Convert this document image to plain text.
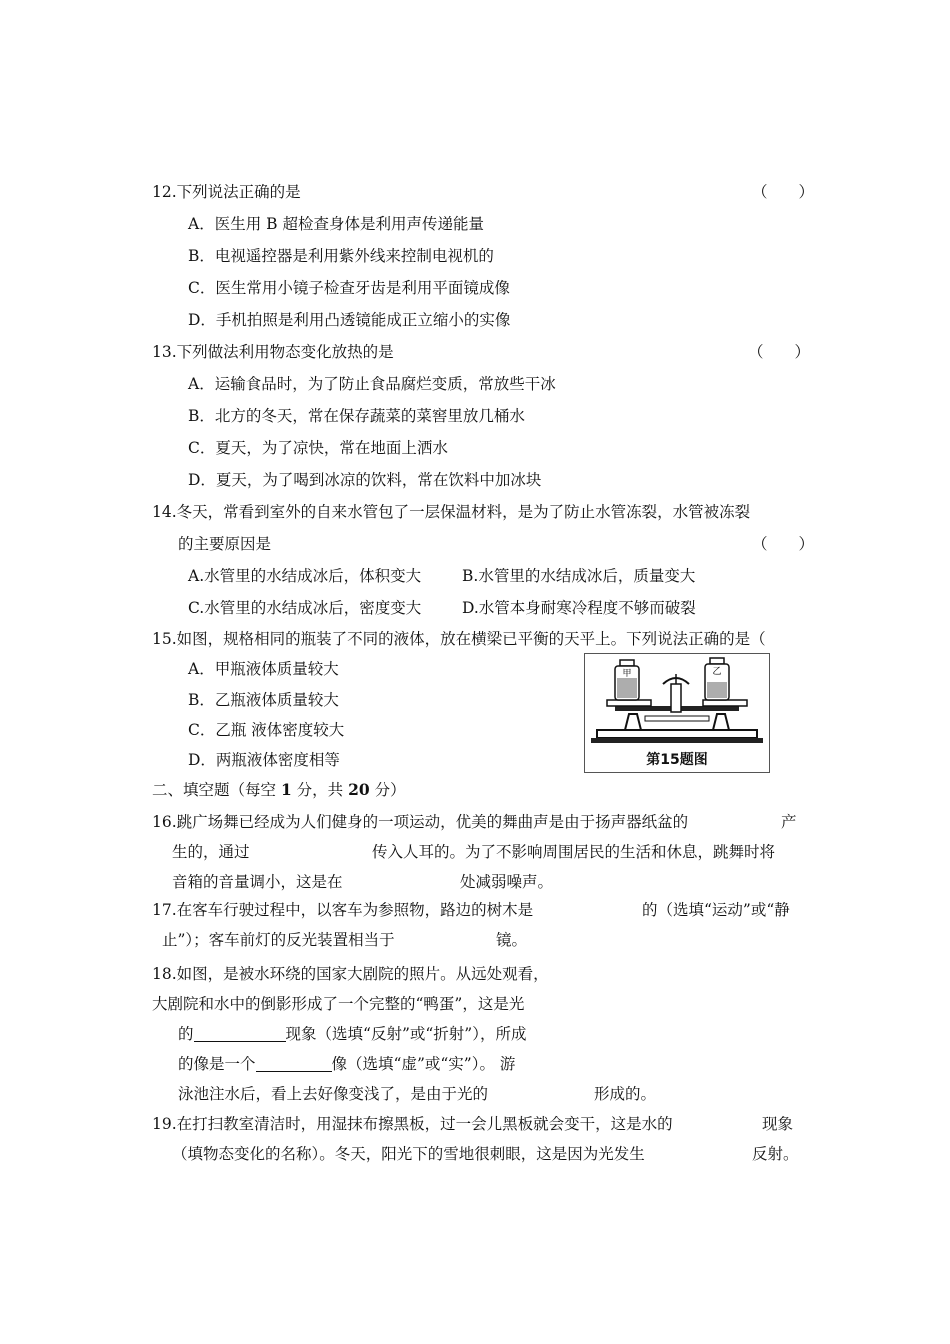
12.下列说法正确的是	（　　）
A．医生用 B 超检查身体是利用声传递能量
B．电视遥控器是利用紫外线来控制电视机的
C．医生常用小镜子检查牙齿是利用平面镜成像
D．手机拍照是利用凸透镜能成正立缩小的实像
13.下列做法利用物态变化放热的是	（　　）
A．运输食品时，为了防止食品腐烂变质，常放些干冰
B．北方的冬天，常在保存蔬菜的菜窖里放几桶水
C．夏天，为了凉快，常在地面上洒水
D．夏天，为了喝到冰凉的饮料，常在饮料中加冰块
14.冬天，常看到室外的自来水管包了一层保温材料，是为了防止水管冻裂，水管被冻裂
的主要原因是	（　　）
A.水管里的水结成冰后，体积变大	B.水管里的水结成冰后，质量变大
C.水管里的水结成冰后，密度变大	D.水管本身耐寒冷程度不够而破裂
15.如图，规格相同的瓶装了不同的液体，放在横梁已平衡的天平上。下列说法正确的是（
A．甲瓶液体质量较大
B．乙瓶液体质量较大
C．乙瓶 液体密度较大
D．两瓶液体密度相等
甲	乙
第15题图
二、填空题（每空 1 分，共 20 分）
16.跳广场舞已经成为人们健身的一项运动，优美的舞曲声是由于扬声器纸盆的	产
生的，通过	传入人耳的。为了不影响周围居民的生活和休息，跳舞时将
音箱的音量调小，这是在	处减弱噪声。
17.在客车行驶过程中，以客车为参照物，路边的树木是	的（选填“运动”或“静
止”）；客车前灯的反光装置相当于	镜。
18.如图，是被水环绕的国家大剧院的照片。从远处观看，
大剧院和水中的倒影形成了一个完整的“鸭蛋”，这是光
的	现象（选填“反射”或“折射”），所成
的像是一个	像（选填“虚”或“实”）。 游
泳池注水后，看上去好像变浅了，是由于光的	形成的。
19.在打扫教室清洁时，用湿抹布擦黑板，过一会儿黑板就会变干，这是水的	现象
（填物态变化的名称）。冬天，阳光下的雪地很刺眼，这是因为光发生	反射。
